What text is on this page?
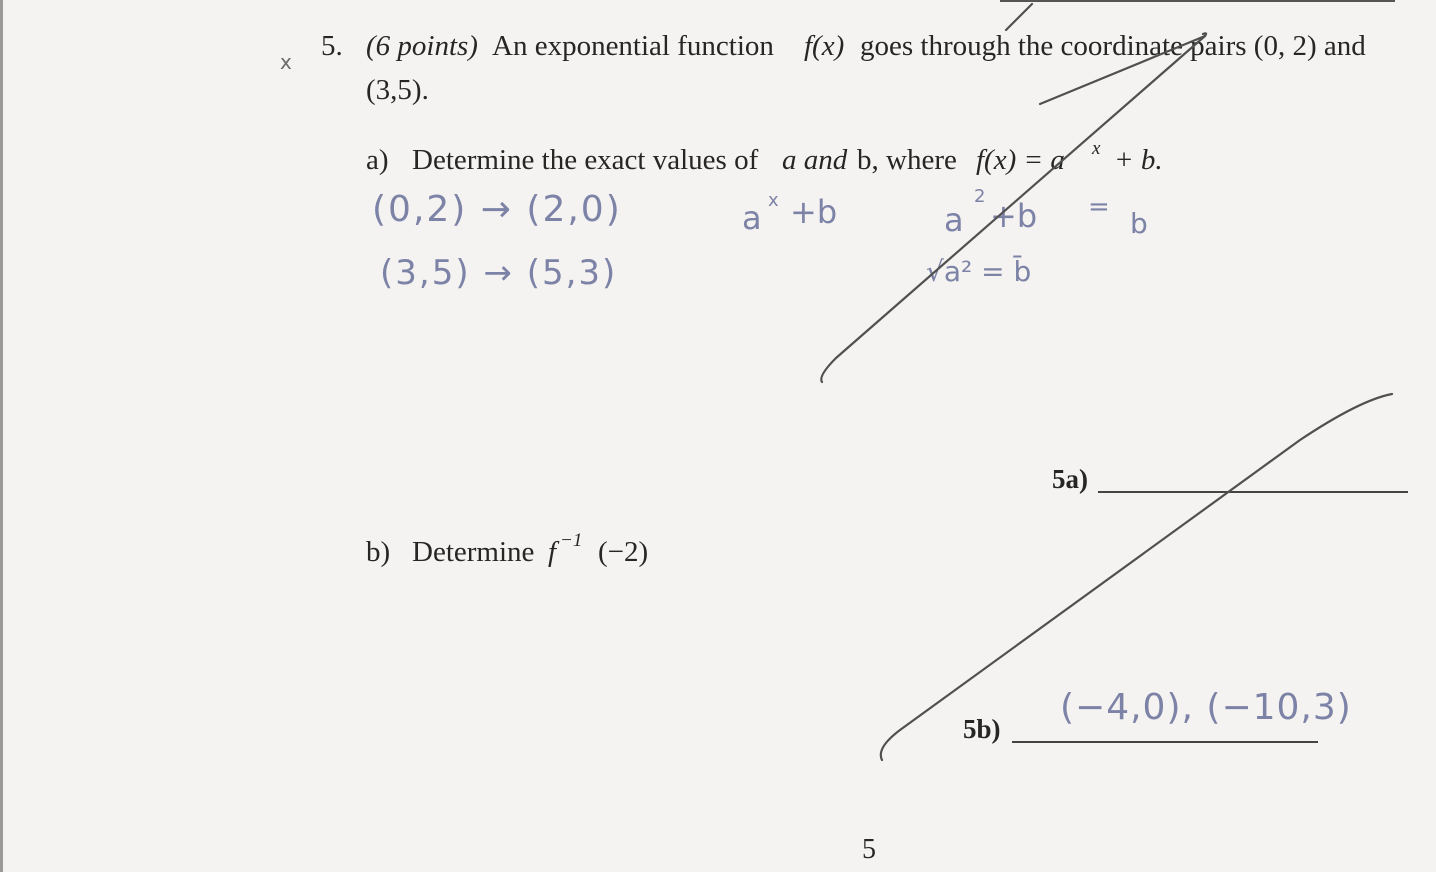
5. (6 points) An exponential function f(x) goes through the coordinate pairs (0, 2) and
(3,5).
a) Determine the exact values of a and b, where f(x) = a x + b.
b) Determine f −1 (−2)
(0,2) → (2,0)	a x +b
(3,5) → (5,3)
a
2
+b = b
√a² = b̄
x
5a)
5b)
(−4,0), (−10,3)
5
